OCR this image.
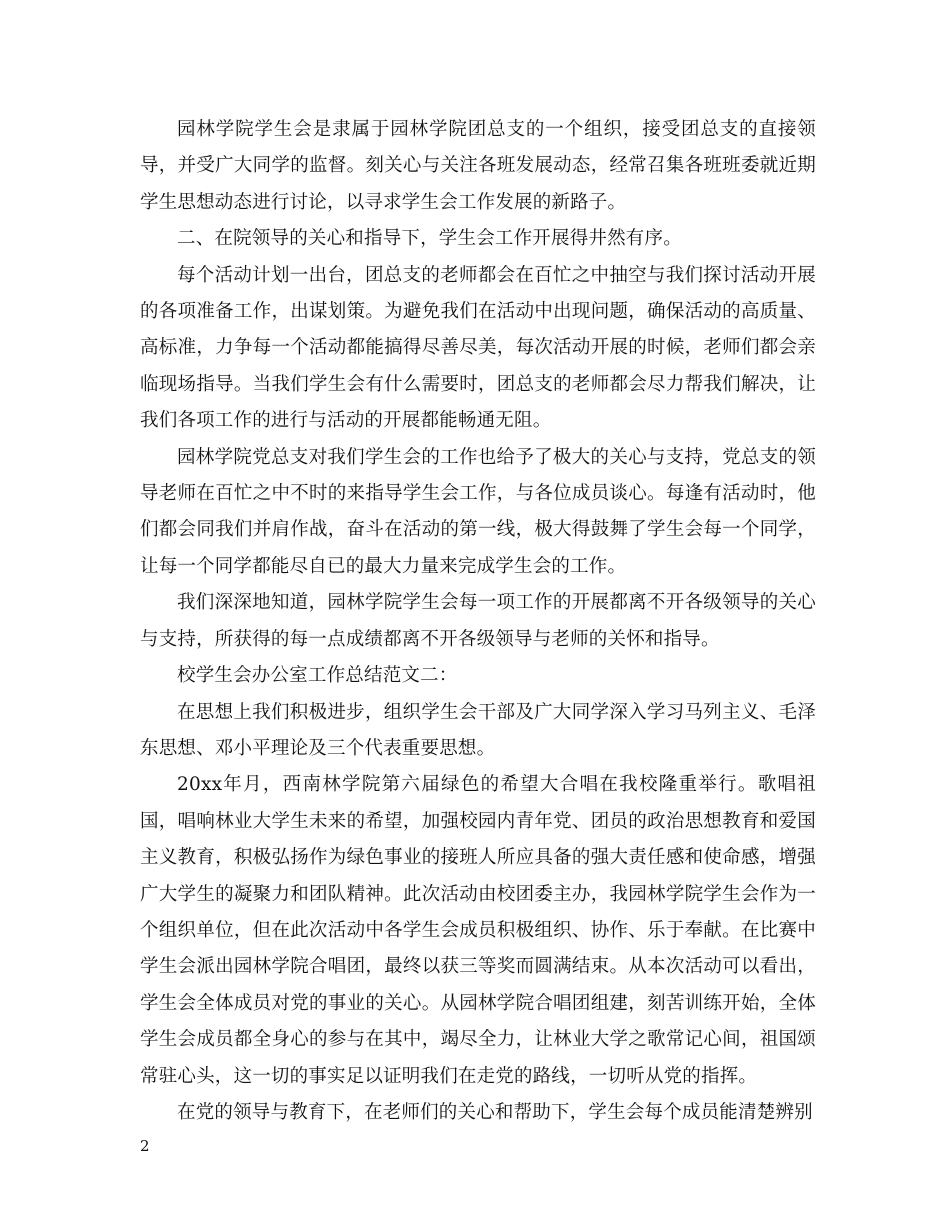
园林学院学生会是隶属于园林学院团总支的一个组织，接受团总支的直接领导，并受广大同学的监督。刻关心与关注各班发展动态，经常召集各班班委就近期学生思想动态进行讨论，以寻求学生会工作发展的新路子。

二、在院领导的关心和指导下，学生会工作开展得井然有序。

每个活动计划一出台，团总支的老师都会在百忙之中抽空与我们探讨活动开展的各项准备工作，出谋划策。为避免我们在活动中出现问题，确保活动的高质量、高标准，力争每一个活动都能搞得尽善尽美，每次活动开展的时候，老师们都会亲临现场指导。当我们学生会有什么需要时，团总支的老师都会尽力帮我们解决，让我们各项工作的进行与活动的开展都能畅通无阻。

园林学院党总支对我们学生会的工作也给予了极大的关心与支持，党总支的领导老师在百忙之中不时的来指导学生会工作，与各位成员谈心。每逢有活动时，他们都会同我们并肩作战，奋斗在活动的第一线，极大得鼓舞了学生会每一个同学，让每一个同学都能尽自已的最大力量来完成学生会的工作。

我们深深地知道，园林学院学生会每一项工作的开展都离不开各级领导的关心与支持，所获得的每一点成绩都离不开各级领导与老师的关怀和指导。

校学生会办公室工作总结范文二：

在思想上我们积极进步，组织学生会干部及广大同学深入学习马列主义、毛泽东思想、邓小平理论及三个代表重要思想。

20xx年月，西南林学院第六届绿色的希望大合唱在我校隆重举行。歌唱祖国，唱响林业大学生未来的希望，加强校园内青年党、团员的政治思想教育和爱国主义教育，积极弘扬作为绿色事业的接班人所应具备的强大责任感和使命感，增强广大学生的凝聚力和团队精神。此次活动由校团委主办，我园林学院学生会作为一个组织单位，但在此次活动中各学生会成员积极组织、协作、乐于奉献。在比赛中学生会派出园林学院合唱团，最终以获三等奖而圆满结束。从本次活动可以看出，学生会全体成员对党的事业的关心。从园林学院合唱团组建，刻苦训练开始，全体学生会成员都全身心的参与在其中，竭尽全力，让林业大学之歌常记心间，祖国颂常驻心头，这一切的事实足以证明我们在走党的路线，一切听从党的指挥。

在党的领导与教育下，在老师们的关心和帮助下，学生会每个成员能清楚辨别

2
